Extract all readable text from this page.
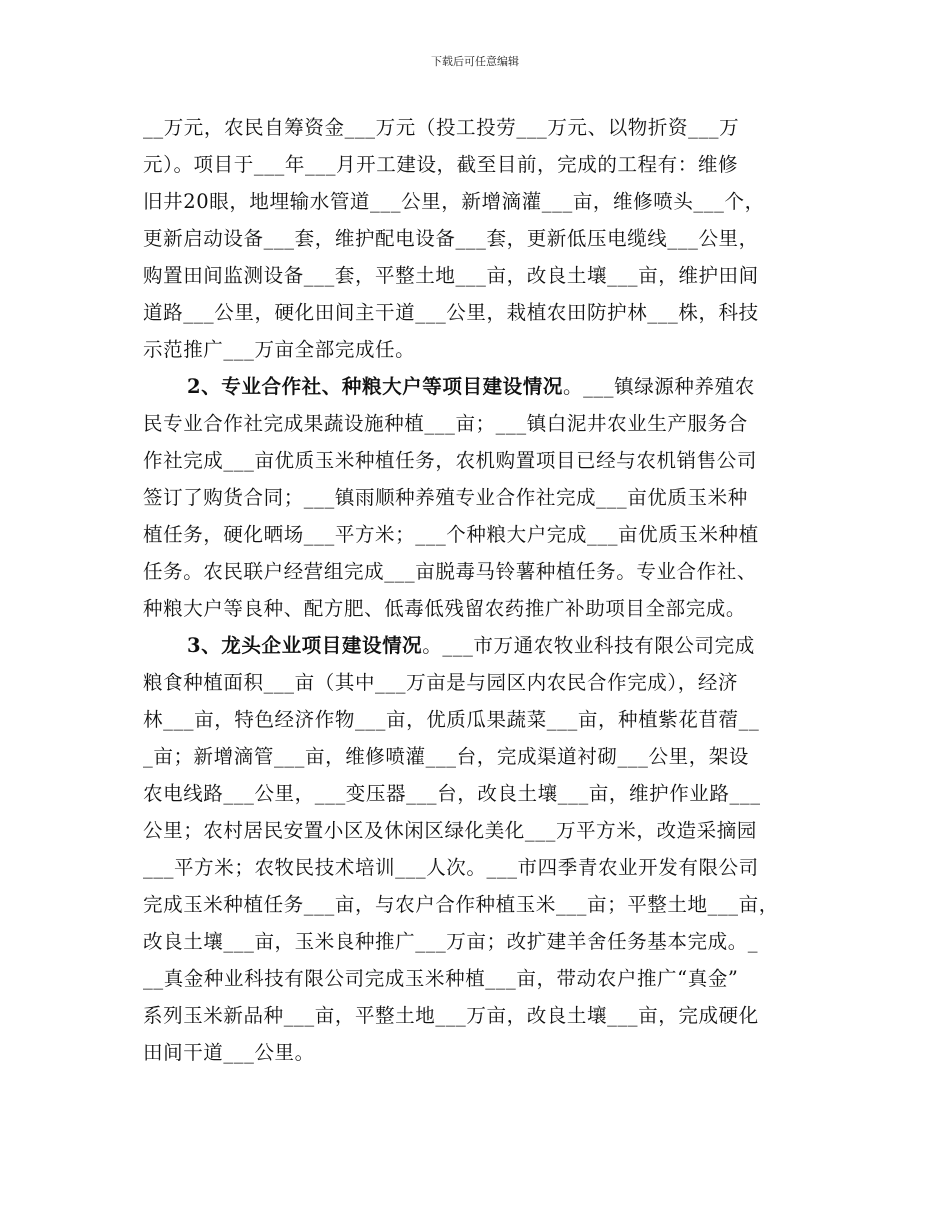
下载后可任意编辑
__万元，农民自筹资金___万元（投工投劳___万元、以物折资___万
元）。项目于___年___月开工建设，截至目前，完成的工程有：维修
旧井20眼，地埋输水管道___公里，新增滴灌___亩，维修喷头___个，
更新启动设备___套，维护配电设备___套，更新低压电缆线___公里，
购置田间监测设备___套，平整土地___亩，改良土壤___亩，维护田间
道路___公里，硬化田间主干道___公里，栽植农田防护林___株，科技
示范推广___万亩全部完成任。
2、专业合作社、种粮大户等项目建设情况。___镇绿源种养殖农
民专业合作社完成果蔬设施种植___亩；___镇白泥井农业生产服务合
作社完成___亩优质玉米种植任务，农机购置项目已经与农机销售公司
签订了购货合同；___镇雨顺种养殖专业合作社完成___亩优质玉米种
植任务，硬化晒场___平方米；___个种粮大户完成___亩优质玉米种植
任务。农民联户经营组完成___亩脱毒马铃薯种植任务。专业合作社、
种粮大户等良种、配方肥、低毒低残留农药推广补助项目全部完成。
3、龙头企业项目建设情况。___市万通农牧业科技有限公司完成
粮食种植面积___亩（其中___万亩是与园区内农民合作完成），经济
林___亩，特色经济作物___亩，优质瓜果蔬菜___亩，种植紫花苜蓿__
_亩；新增滴管___亩，维修喷灌___台，完成渠道衬砌___公里，架设
农电线路___公里，___变压器___台，改良土壤___亩，维护作业路___
公里；农村居民安置小区及休闲区绿化美化___万平方米，改造采摘园
___平方米；农牧民技术培训___人次。___市四季青农业开发有限公司
完成玉米种植任务___亩，与农户合作种植玉米___亩；平整土地___亩，
改良土壤___亩，玉米良种推广___万亩；改扩建羊舍任务基本完成。_
__真金种业科技有限公司完成玉米种植___亩，带动农户推广“真金”
系列玉米新品种___亩，平整土地___万亩，改良土壤___亩，完成硬化
田间干道___公里。
